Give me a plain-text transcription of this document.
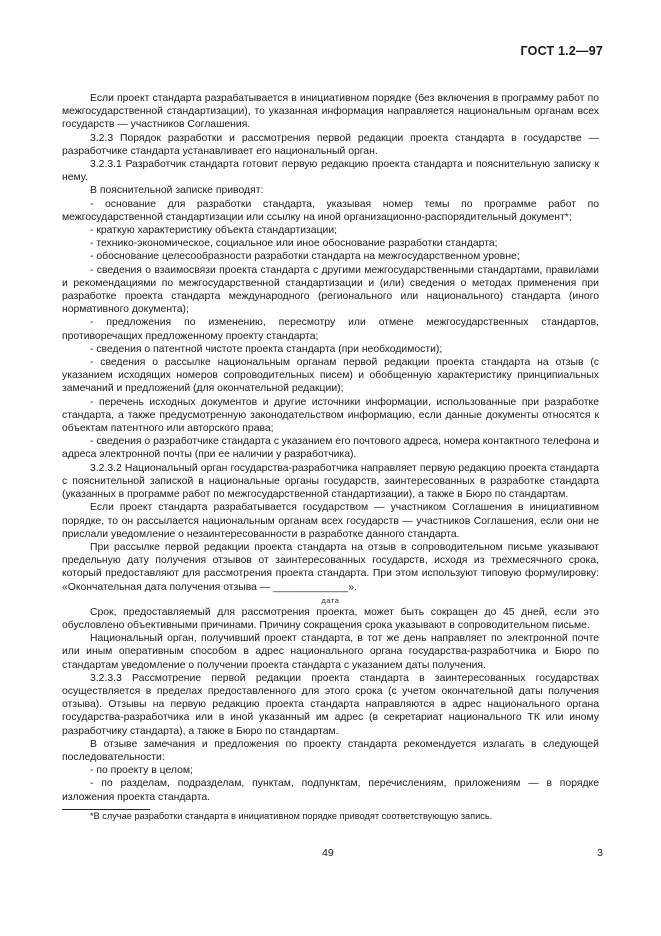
ГОСТ 1.2—97

Если проект стандарта разрабатывается в инициативном порядке (без включения в программу работ по межгосударственной стандартизации), то указанная информация направляется национальным органам всех государств — участников Соглашения.

3.2.3 Порядок разработки и рассмотрения первой редакции проекта стандарта в государстве — разработчике стандарта устанавливает его национальный орган.

3.2.3.1 Разработчик стандарта готовит первую редакцию проекта стандарта и пояснительную записку к нему.

В пояснительной записке приводят:

- основание для разработки стандарта, указывая номер темы по программе работ по межгосударственной стандартизации или ссылку на иной организационно-распорядительный документ*;

- краткую характеристику объекта стандартизации;

- технико-экономическое, социальное или иное обоснование разработки стандарта;

- обоснование целесообразности разработки стандарта на межгосударственном уровне;

- сведения о взаимосвязи проекта стандарта с другими межгосударственными стандартами, правилами и рекомендациями по межгосударственной стандартизации и (или) сведения о методах применения при разработке проекта стандарта международного (регионального или национального) стандарта (иного нормативного документа);

- предложения по изменению, пересмотру или отмене межгосударственных стандартов, противоречащих предложенному проекту стандарта;

- сведения о патентной чистоте проекта стандарта (при необходимости);

- сведения о рассылке национальным органам первой редакции проекта стандарта на отзыв (с указанием исходящих номеров сопроводительных писем) и обобщенную характеристику принципиальных замечаний и предложений (для окончательной редакции);

- перечень исходных документов и другие источники информации, использованные при разработке стандарта, а также предусмотренную законодательством информацию, если данные документы относятся к объектам патентного или авторского права;

- сведения о разработчике стандарта с указанием его почтового адреса, номера контактного телефона и адреса электронной почты (при ее наличии у разработчика).

3.2.3.2 Национальный орган государства-разработчика направляет первую редакцию проекта стандарта с пояснительной запиской в национальные органы государств, заинтересованных в разработке стандарта (указанных в программе работ по межгосударственной стандартизации), а также в Бюро по стандартам.

Если проект стандарта разрабатывается государством — участником Соглашения в инициативном порядке, то он рассылается национальным органам всех государств — участников Соглашения, если они не прислали уведомление о незаинтересованности в разработке данного стандарта.

При рассылке первой редакции проекта стандарта на отзыв в сопроводительном письме указывают предельную дату получения отзывов от заинтересованных государств, исходя из трехмесячного срока, который предоставляют для рассмотрения проекта стандарта. При этом используют типовую формулировку: «Окончательная дата получения отзыва — _____________».

дата

Срок, предоставляемый для рассмотрения проекта, может быть сокращен до 45 дней, если это обусловлено объективными причинами. Причину сокращения срока указывают в сопроводительном письме.

Национальный орган, получивший проект стандарта, в тот же день направляет по электронной почте или иным оперативным способом в адрес национального органа государства-разработчика и Бюро по стандартам уведомление о получении проекта стандарта с указанием даты получения.

3.2.3.3 Рассмотрение первой редакции проекта стандарта в заинтересованных государствах осуществляется в пределах предоставленного для этого срока (с учетом окончательной даты получения отзыва). Отзывы на первую редакцию проекта стандарта направляются в адрес национального органа государства-разработчика или в иной указанный им адрес (в секретариат национального ТК или иному разработчику стандарта), а также в Бюро по стандартам.

В отзыве замечания и предложения по проекту стандарта рекомендуется излагать в следующей последовательности:

- по проекту в целом;

- по разделам, подразделам, пунктам, подпунктам, перечислениям, приложениям — в порядке изложения проекта стандарта.

*В случае разработки стандарта в инициативном порядке приводят соответствующую запись.

49	3
